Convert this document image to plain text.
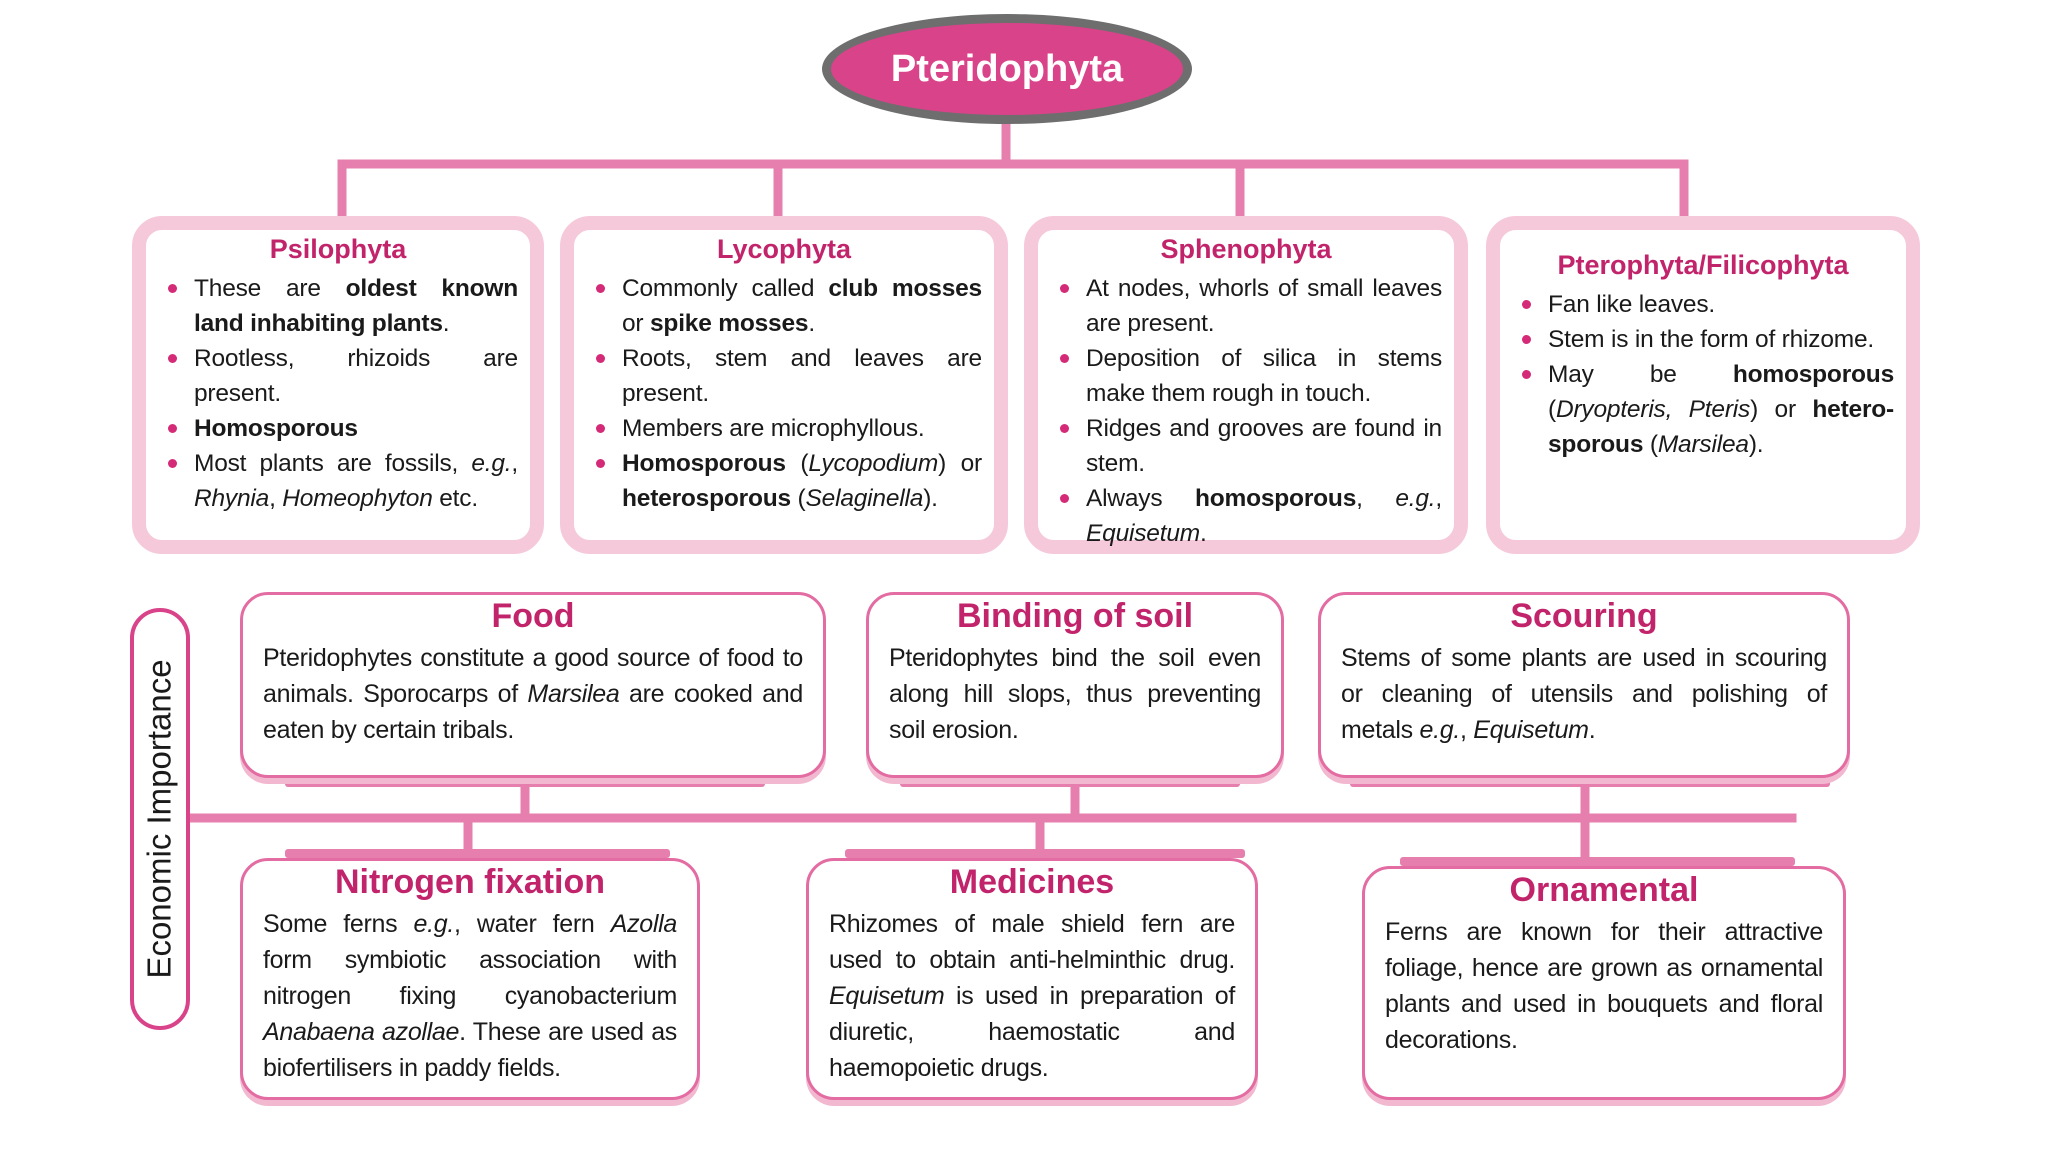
Pteridophyta
Psilophyta
These are oldest known land inhabiting plants.
Rootless, rhizoids are present.
Homosporous
Most plants are fossils, e.g., Rhynia, Homeophyton etc.
Lycophyta
Commonly called club mosses or spike mosses.
Roots, stem and leaves are present.
Members are microphyllous.
Homosporous (Lycopodium) or heterosporous (Selaginella).
Sphenophyta
At nodes, whorls of small leaves are present.
Deposition of silica in stems make them rough in touch.
Ridges and grooves are found in stem.
Always homosporous, e.g., Equisetum.
Pterophyta/Filicophyta
Fan like leaves.
Stem is in the form of rhizome.
May be homosporous (Dryopteris, Pteris) or hetero-sporous (Marsilea).
Economic Importance
Food

Pteridophytes constitute a good source of food to animals. Sporocarps of Marsilea are cooked and eaten by certain tribals.

Binding of soil

Pteridophytes bind the soil even along hill slops, thus preventing soil erosion.

Scouring

Stems of some plants are used in scouring or cleaning of utensils and polishing of metals e.g., Equisetum.

Nitrogen fixation

Some ferns e.g., water fern Azolla form symbiotic association with nitrogen fixing cyanobacterium Anabaena azollae. These are used as biofertilisers in paddy fields.

Medicines

Rhizomes of male shield fern are used to obtain anti-helminthic drug. Equisetum is used in preparation of diuretic, haemostatic and haemopoietic drugs.

Ornamental

Ferns are known for their attractive foliage, hence are grown as ornamental plants and used in bouquets and floral decorations.
